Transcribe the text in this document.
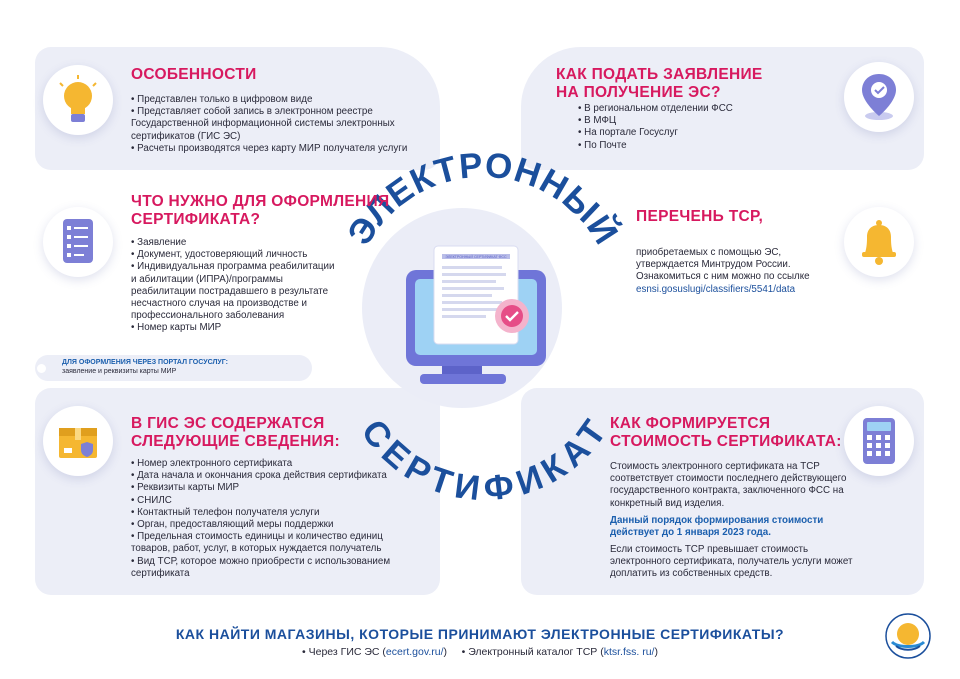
ЭЛЕКТРОННЫЙ СЕРТИФИКАТ ФСС
ЭЛЕКТРОННЫЙ
СЕРТИФИКАТ
ОСОБЕННОСТИ
• Представлен только в цифровом виде
• Представляет собой запись в электронном реестре Государственной информационной системы электронных сертификатов (ГИС ЭС)
• Расчеты производятся через карту МИР получателя услуги
КАК ПОДАТЬ ЗАЯВЛЕНИЕ
НА ПОЛУЧЕНИЕ ЭС?
• В региональном отделении ФСС
• В МФЦ
• На портале Госуслуг
• По Почте
ЧТО НУЖНО ДЛЯ ОФОРМЛЕНИЯ
СЕРТИФИКАТА?
• Заявление
• Документ, удостоверяющий личность
• Индивидуальная программа реабилитации и абилитации (ИПРА)/программы реабилитации пострадавшего в результате несчастного случая на производстве и профессионального заболевания
• Номер карты МИР
ДЛЯ ОФОРМЛЕНИЯ ЧЕРЕЗ ПОРТАЛ ГОСУСЛУГ:
заявление и реквизиты карты МИР
ПЕРЕЧЕНЬ ТСР,
приобретаемых с помощью ЭС,
утверждается Минтрудом России.
Ознакомиться с ним можно по ссылке
esnsi.gosuslugi/classifiers/5541/data
В ГИС ЭС СОДЕРЖАТСЯ
СЛЕДУЮЩИЕ СВЕДЕНИЯ:
• Номер электронного сертификата
• Дата начала и окончания срока действия сертификата
• Реквизиты карты МИР
• СНИЛС
• Контактный телефон получателя услуги
• Орган, предоставляющий меры поддержки
• Предельная стоимость единицы и количество единиц товаров, работ, услуг, в которых нуждается получатель
• Вид ТСР, которое можно приобрести с использованием сертификата
КАК ФОРМИРУЕТСЯ
СТОИМОСТЬ СЕРТИФИКАТА:

Стоимость электронного сертификата на ТСР соответствует стоимости последнего действующего государственного контракта, заключенного ФСС на конкретный вид изделия.

Данный порядок формирования стоимости действует до 1 января 2023 года.

Если стоимость ТСР превышает стоимость электронного сертификата, получатель услуги может доплатить из собственных средств.

КАК НАЙТИ МАГАЗИНЫ, КОТОРЫЕ ПРИНИМАЮТ ЭЛЕКТРОННЫЕ СЕРТИФИКАТЫ?
• Через ГИС ЭС (ecert.gov.ru/) • Электронный каталог ТСР (ktsr.fss. ru/)
